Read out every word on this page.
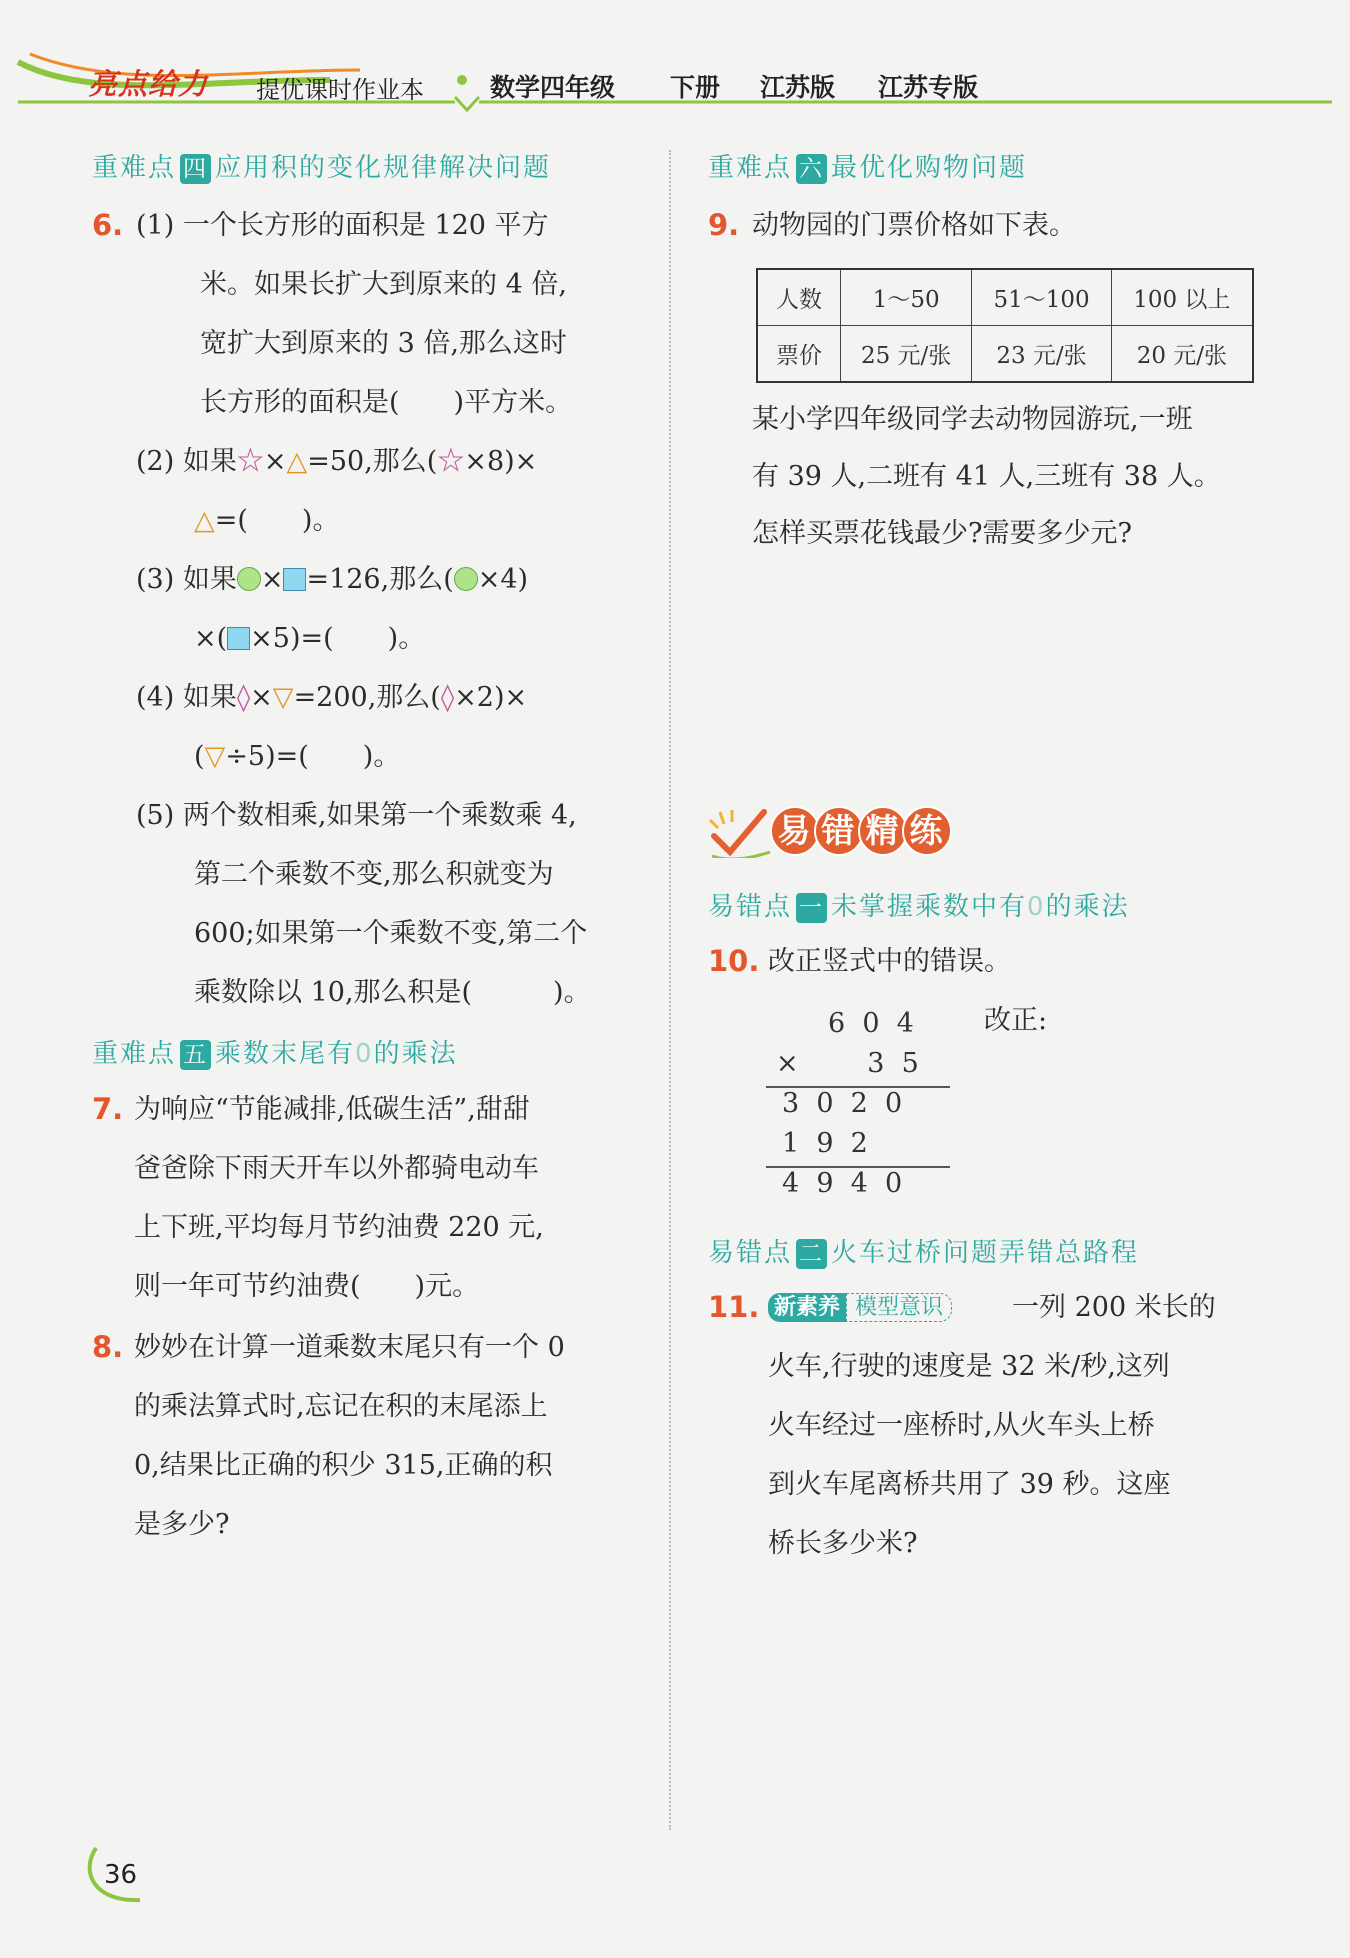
亮点给力 提优课时作业本	数学四年级 下册 江苏版 江苏专版
重难点 四 应用积的变化规律解决问题
6. (1) 一个长方形的面积是 120 平方
米。如果长扩大到原来的 4 倍,
宽扩大到原来的 3 倍,那么这时
长方形的面积是(　　)平方米。
(2) 如果☆×△=50,那么(☆×8)×
△=(　　)。
(3) 如果 × =126,那么( ×4)
×( ×5)=(　　)。
(4) 如果◊×▽=200,那么(◊×2)×
(▽÷5)=(　　)。
(5) 两个数相乘,如果第一个乘数乘 4,
第二个乘数不变,那么积就变为
600;如果第一个乘数不变,第二个
乘数除以 10,那么积是(　　　)。
重难点 五 乘数末尾有0的乘法
7. 为响应“节能减排,低碳生活”,甜甜
爸爸除下雨天开车以外都骑电动车
上下班,平均每月节约油费 220 元,
则一年可节约油费(　　)元。
8. 妙妙在计算一道乘数末尾只有一个 0
的乘法算式时,忘记在积的末尾添上
0,结果比正确的积少 315,正确的积
是多少?
重难点 六 最优化购物问题
9. 动物园的门票价格如下表。
人数	1～50	51～100	100 以上
票价	25 元/张	23 元/张	20 元/张
某小学四年级同学去动物园游玩,一班
有 39 人,二班有 41 人,三班有 38 人。
怎样买票花钱最少?需要多少元?
易 错 精 练
易错点 一 未掌握乘数中有0的乘法
10. 改正竖式中的错误。
6  0  4
×        3  5
3  0  2  0
1  9  2
4  9  4  0
改正:
易错点 二 火车过桥问题弄错总路程
11. 新素养 模型意识	一列 200 米长的
火车,行驶的速度是 32 米/秒,这列
火车经过一座桥时,从火车头上桥
到火车尾离桥共用了 39 秒。这座
桥长多少米?
36
